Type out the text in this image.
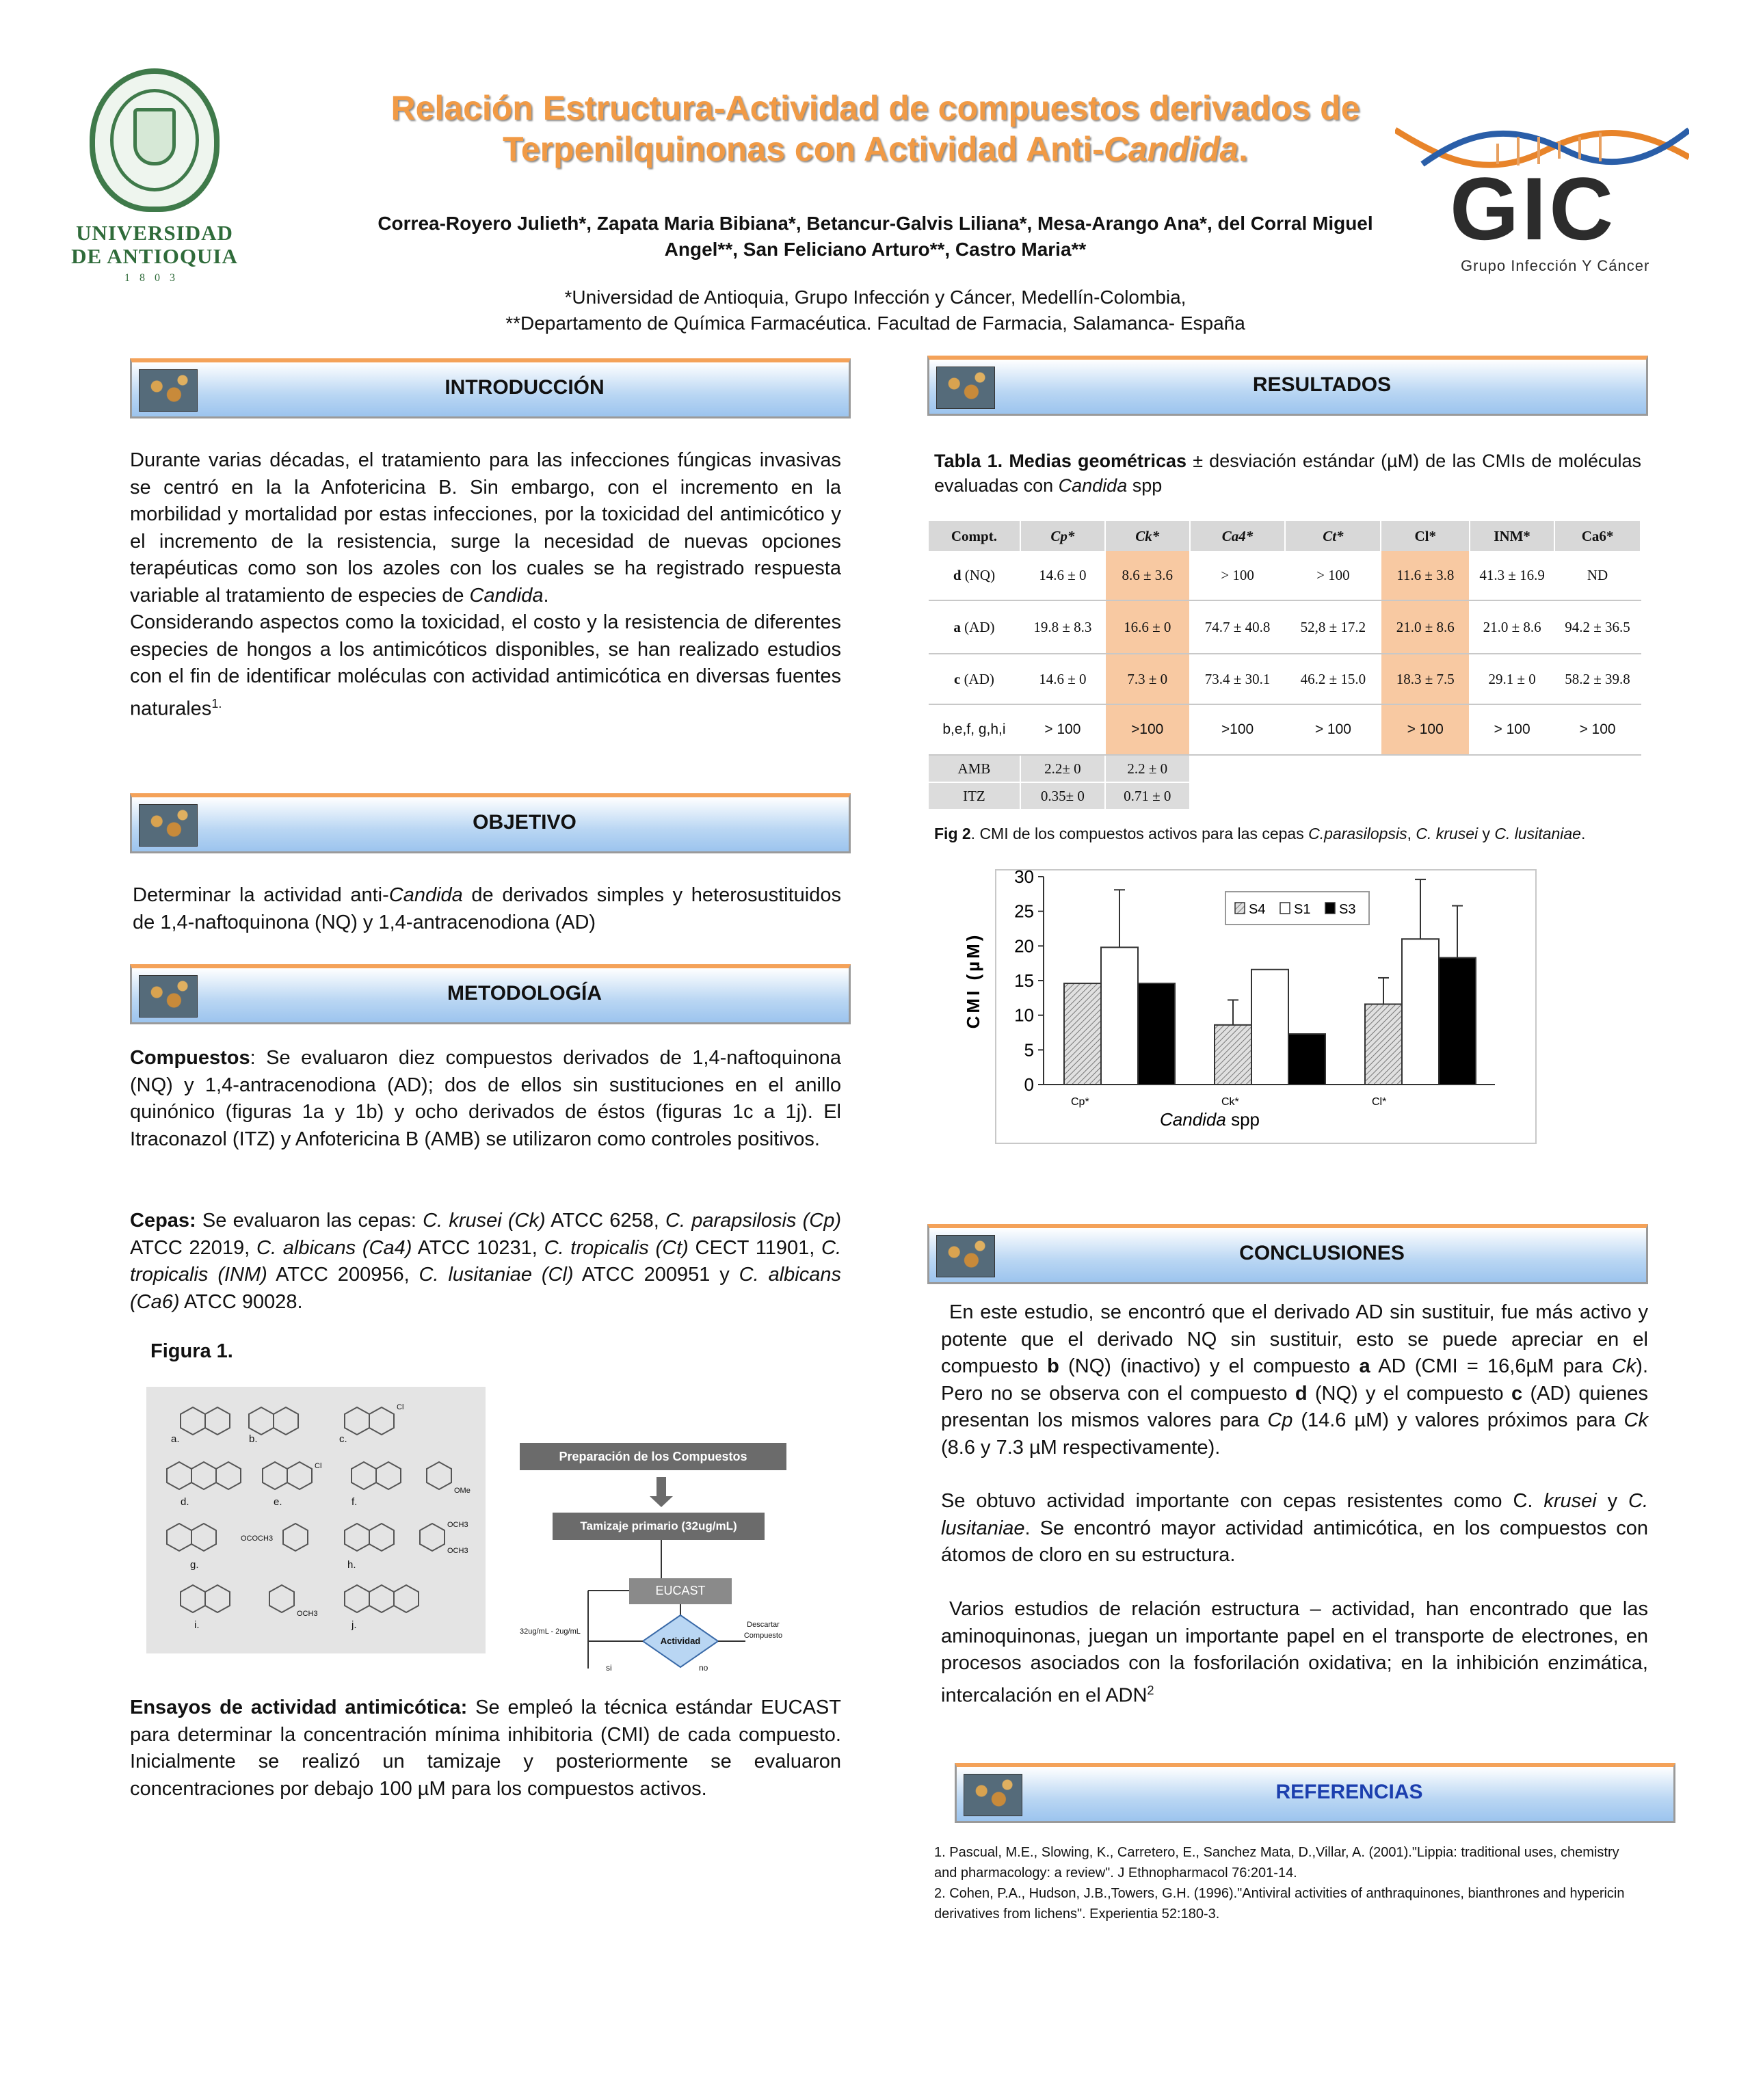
UNIVERSIDAD
DE ANTIOQUIA
1803
Relación Estructura-Actividad de compuestos derivados de
Terpenilquinonas con Actividad Anti-Candida.
Correa-Royero Julieth*, Zapata Maria Bibiana*, Betancur-Galvis Liliana*, Mesa-Arango Ana*, del Corral Miguel
Angel**, San Feliciano Arturo**, Castro Maria**
*Universidad de Antioquia, Grupo Infección y Cáncer, Medellín-Colombia,
**Departamento de Química Farmacéutica. Facultad de Farmacia, Salamanca- España
GIC
Grupo Infección Y Cáncer
INTRODUCCIÓN
Durante varias décadas, el tratamiento para las infecciones fúngicas invasivas se centró en la la Anfotericina B. Sin embargo, con el incremento en la morbilidad y mortalidad por estas infecciones, por la toxicidad del antimicótico y el incremento de la resistencia, surge la necesidad de nuevas opciones terapéuticas como son los azoles con los cuales se ha registrado respuesta variable al tratamiento de especies de Candida.
Considerando aspectos como la toxicidad, el costo y la resistencia de diferentes especies de hongos a los antimicóticos disponibles, se han realizado estudios con el fin de identificar moléculas con actividad antimicótica en diversas fuentes naturales$^{1.}$
OBJETIVO
Determinar la actividad anti-Candida de derivados simples y heterosustituidos de 1,4-naftoquinona (NQ) y 1,4-antracenodiona (AD)
METODOLOGÍA
Compuestos: Se evaluaron diez compuestos derivados de 1,4-naftoquinona (NQ) y 1,4-antracenodiona (AD); dos de ellos sin sustituciones en el anillo quinónico (figuras 1a y 1b) y ocho derivados de éstos (figuras 1c a 1j). El Itraconazol (ITZ) y Anfotericina B (AMB) se utilizaron como controles positivos.
Cepas: Se evaluaron las cepas: C. krusei (Ck) ATCC 6258, C. parapsilosis (Cp) ATCC 22019, C. albicans (Ca4) ATCC 10231, C. tropicalis (Ct) CECT 11901, C. tropicalis (INM) ATCC 200956, C. lusitaniae (Cl) ATCC 200951 y C. albicans (Ca6) ATCC 90028.
Figura 1.
a.	b.	c.
d.	e.	f.
g.	h.
i.	j.
Cl
Cl
OMe
OCOCH3
OCH3
OCH3
OCH3
Preparación de los Compuestos
Tamizaje primario (32ug/mL)
EUCAST
Actividad
32ug/mL - 2ug/mL
Descartar
Compuesto
si	no
Ensayos de actividad antimicótica: Se empleó la técnica estándar EUCAST para determinar la concentración mínima inhibitoria (CMI) de cada compuesto. Inicialmente se realizó un tamizaje y posteriormente se evaluaron concentraciones por debajo 100 µM para los compuestos activos.
RESULTADOS
Tabla 1. Medias geométricas ± desviación estándar (µM) de las CMIs de moléculas evaluadas con Candida spp
Compt.	Cp*	Ck*	Ca4*	Ct*	Cl*	INM*	Ca6*
d (NQ)	14.6 ± 0	8.6 ± 3.6	> 100	> 100	11.6 ± 3.8	41.3 ± 16.9	ND
a (AD)	19.8 ± 8.3	16.6 ± 0	74.7 ± 40.8	52,8 ± 17.2	21.0 ± 8.6	21.0 ± 8.6	94.2 ± 36.5
c (AD)	14.6 ± 0	7.3 ± 0	73.4 ± 30.1	46.2 ± 15.0	18.3 ± 7.5	29.1 ± 0	58.2 ± 39.8
b,e,f, g,h,i	> 100	>100	>100	> 100	> 100	> 100	> 100
AMB	2.2± 0	2.2 ± 0					
ITZ	0.35± 0	0.71 ± 0					
Fig 2. CMI de los compuestos activos para las cepas C.parasilopsis, C. krusei y C. lusitaniae.
0
5
10
15
20
25
30
CMI (µM)
Cp*	Ck*	Cl*
Candida spp
S4 S1 S3
CONCLUSIONES
En este estudio, se encontró que el derivado AD sin sustituir, fue más activo y potente que el derivado NQ sin sustituir, esto se puede apreciar en el compuesto b (NQ) (inactivo) y el compuesto a AD (CMI = 16,6µM para Ck). Pero no se observa con el compuesto d (NQ) y el compuesto c (AD) quienes presentan los mismos valores para Cp (14.6 µM) y valores próximos para Ck (8.6 y 7.3 µM respectivamente).
Se obtuvo actividad importante con cepas resistentes como C. krusei y C. lusitaniae. Se encontró mayor actividad antimicótica, en los compuestos con átomos de cloro en su estructura.
Varios estudios de relación estructura – actividad, han encontrado que las aminoquinonas, juegan un importante papel en el transporte de electrones, en procesos asociados con la fosforilación oxidativa; en la inhibición enzimática, intercalación en el ADN$^2$
REFERENCIAS
1. Pascual, M.E., Slowing, K., Carretero, E., Sanchez Mata, D.,Villar, A. (2001)."Lippia: traditional uses, chemistry and pharmacology: a review". J Ethnopharmacol 76:201-14.
2. Cohen, P.A., Hudson, J.B.,Towers, G.H. (1996)."Antiviral activities of anthraquinones, bianthrones and hypericin derivatives from lichens". Experientia 52:180-3.
